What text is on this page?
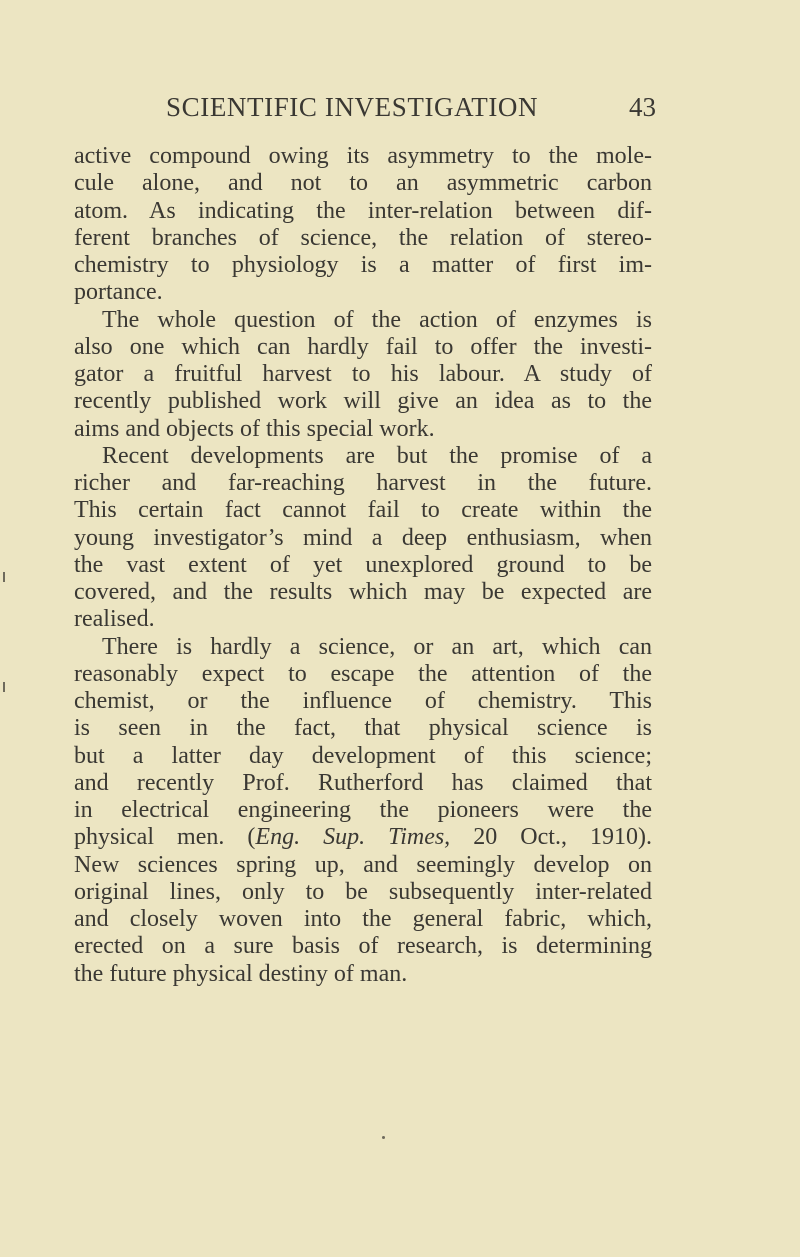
SCIENTIFIC INVESTIGATION	43
active compound owing its asymmetry to the mole-
cule alone, and not to an asymmetric carbon
atom. As indicating the inter-relation between dif-
ferent branches of science, the relation of stereo-
chemistry to physiology is a matter of first im-
portance.
The whole question of the action of enzymes is
also one which can hardly fail to offer the investi-
gator a fruitful harvest to his labour. A study of
recently published work will give an idea as to the
aims and objects of this special work.
Recent developments are but the promise of a
richer and far-reaching harvest in the future.
This certain fact cannot fail to create within the
young investigator’s mind a deep enthusiasm, when
the vast extent of yet unexplored ground to be
covered, and the results which may be expected are
realised.
There is hardly a science, or an art, which can
reasonably expect to escape the attention of the
chemist, or the influence of chemistry. This
is seen in the fact, that physical science is
but a latter day development of this science;
and recently Prof. Rutherford has claimed that
in electrical engineering the pioneers were the
physical men. (Eng. Sup. Times, 20 Oct., 1910).
New sciences spring up, and seemingly develop on
original lines, only to be subsequently inter-related
and closely woven into the general fabric, which,
erected on a sure basis of research, is determining
the future physical destiny of man.
